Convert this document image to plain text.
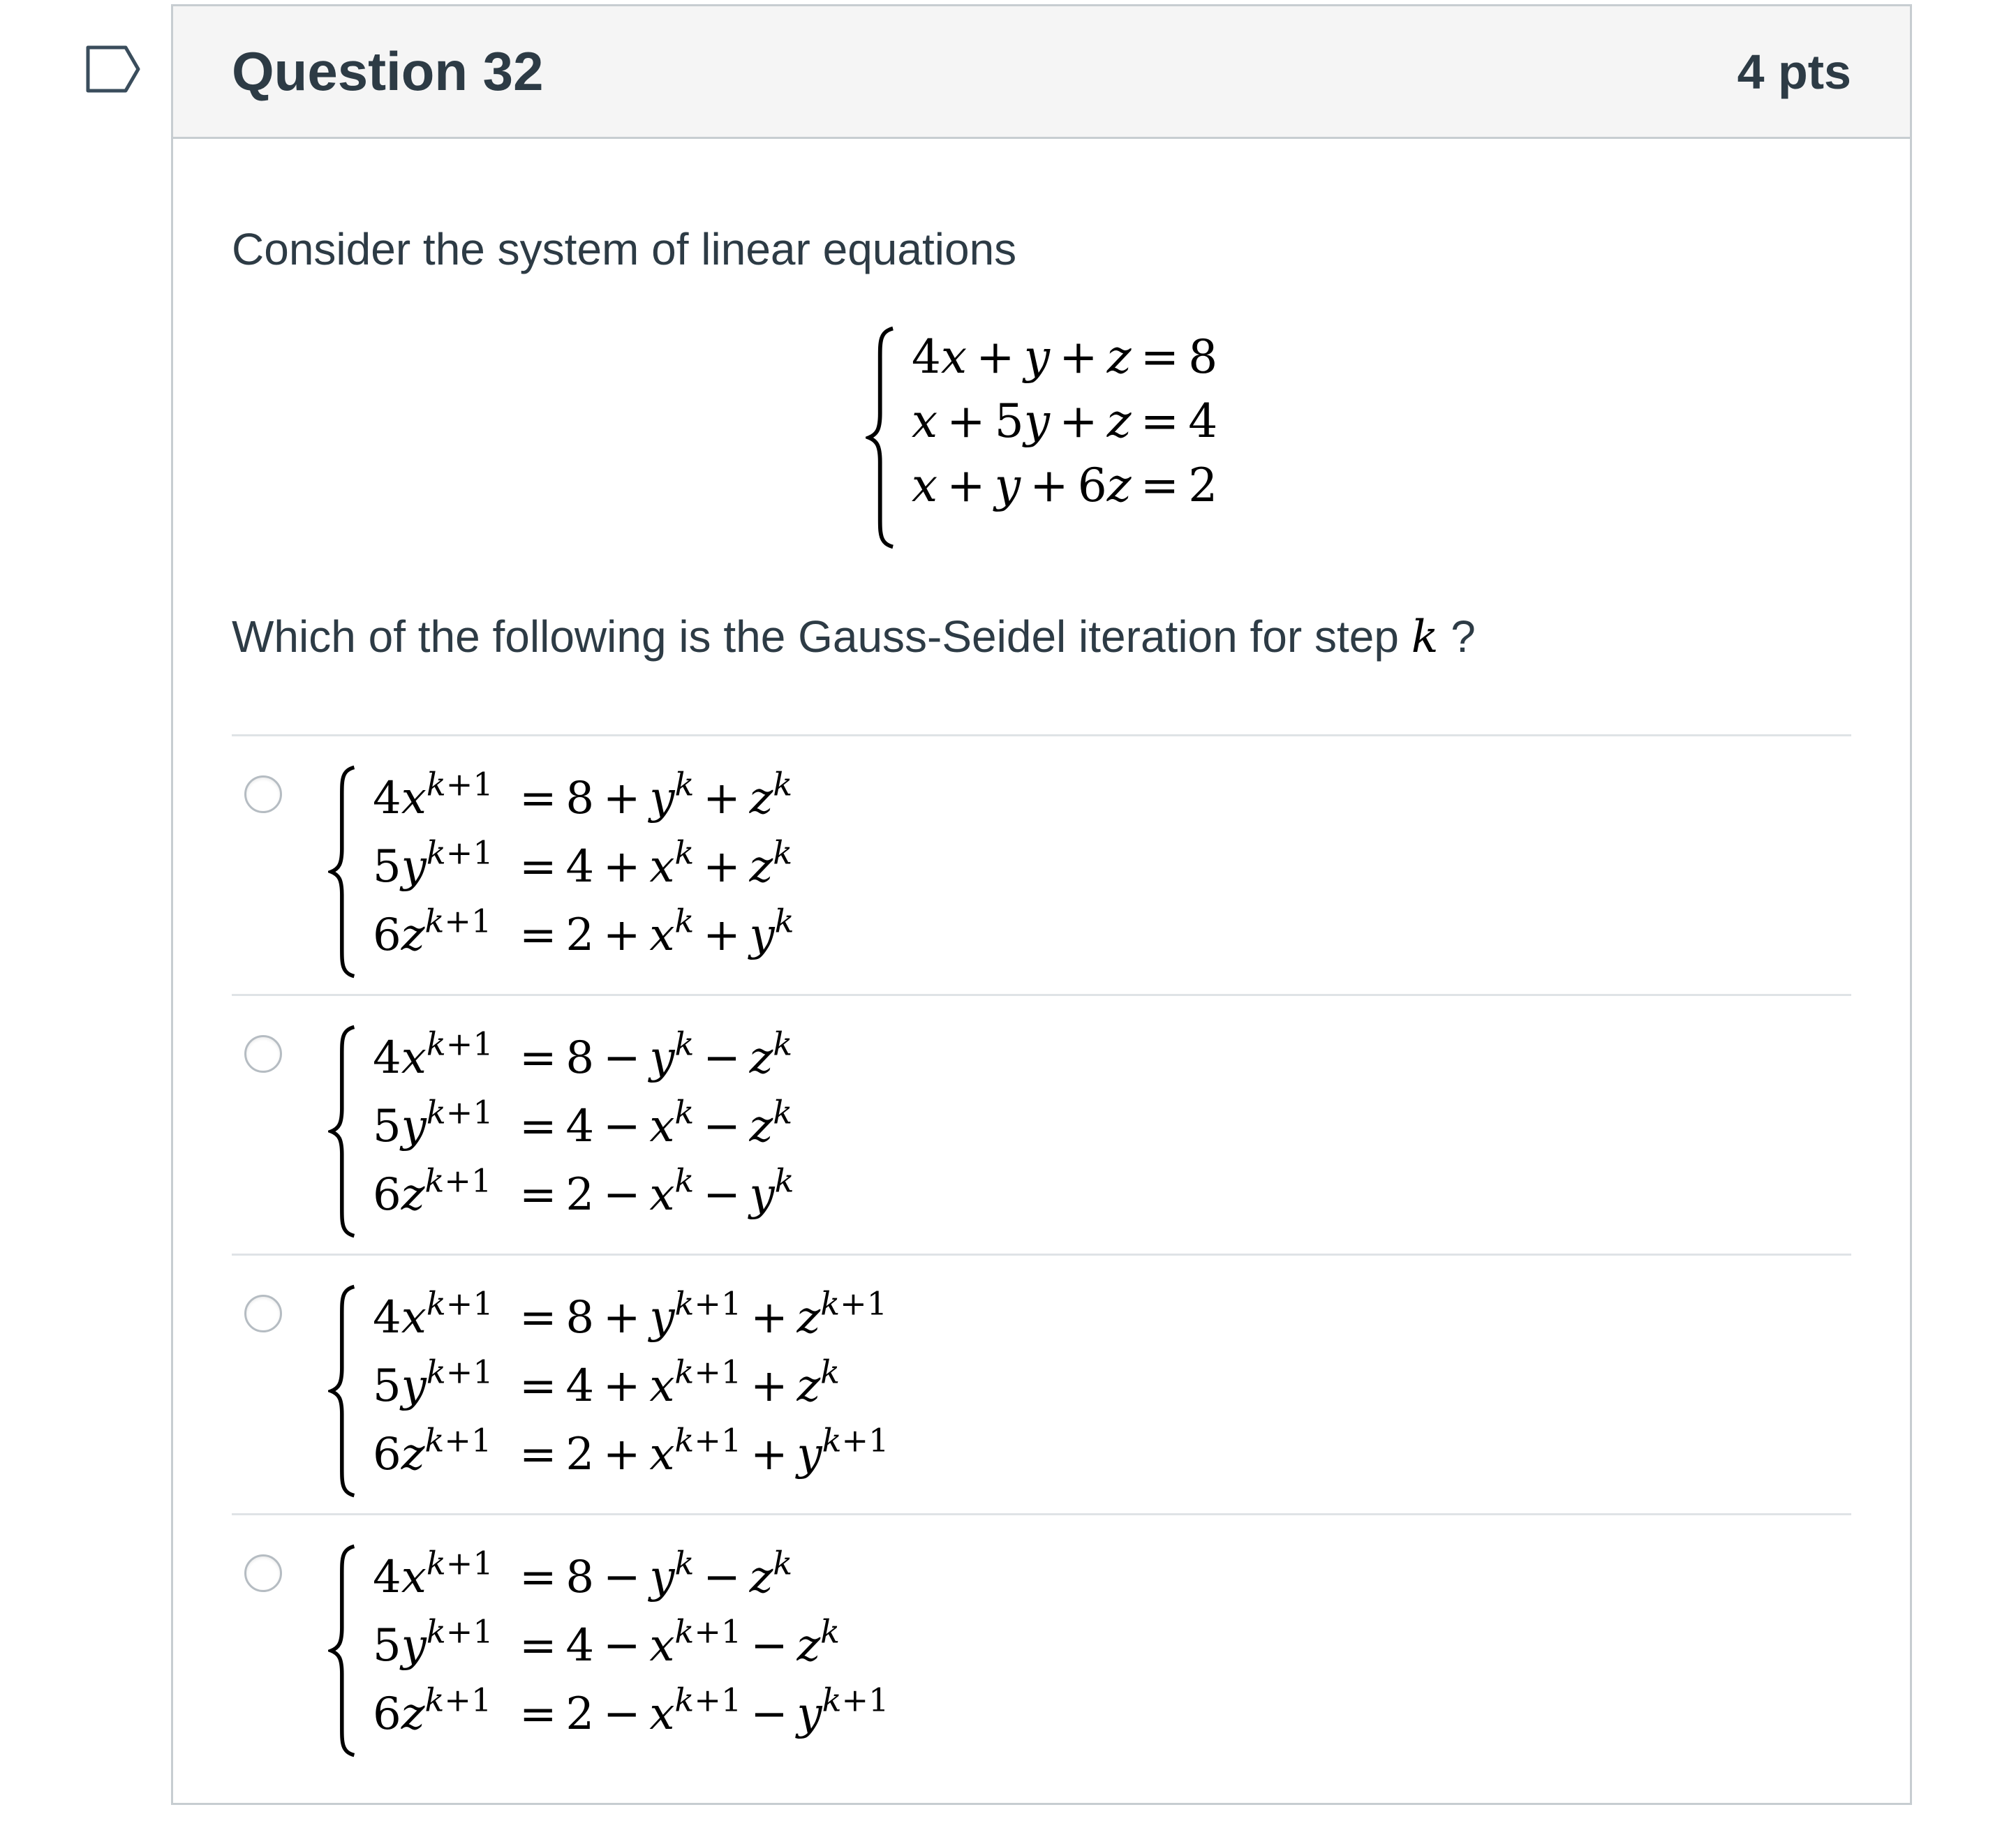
Question 32	4 pts

Consider the system of linear equations

4x  +  y  +  z  =  8
x  +  5y  +  z  =  4
x  +  y  +  6z  =  2

Which of the following is the Gauss-Seidel iteration for step k ?

$4x^{k+1} = 8 + y^k + z^k$
$5y^{k+1} = 4 + x^k + z^k$
$6z^{k+1} = 2 + x^k + y^k$
$4x^{k+1} = 8 - y^k - z^k$
$5y^{k+1} = 4 - x^k - z^k$
$6z^{k+1} = 2 - x^k - y^k$
$4x^{k+1} = 8 + y^{k+1} + z^{k+1}$
$5y^{k+1} = 4 + x^{k+1} + z^k$
$6z^{k+1} = 2 + x^{k+1} + y^{k+1}$
$4x^{k+1} = 8 - y^k - z^k$
$5y^{k+1} = 4 - x^{k+1} - z^k$
$6z^{k+1} = 2 - x^{k+1} - y^{k+1}$
